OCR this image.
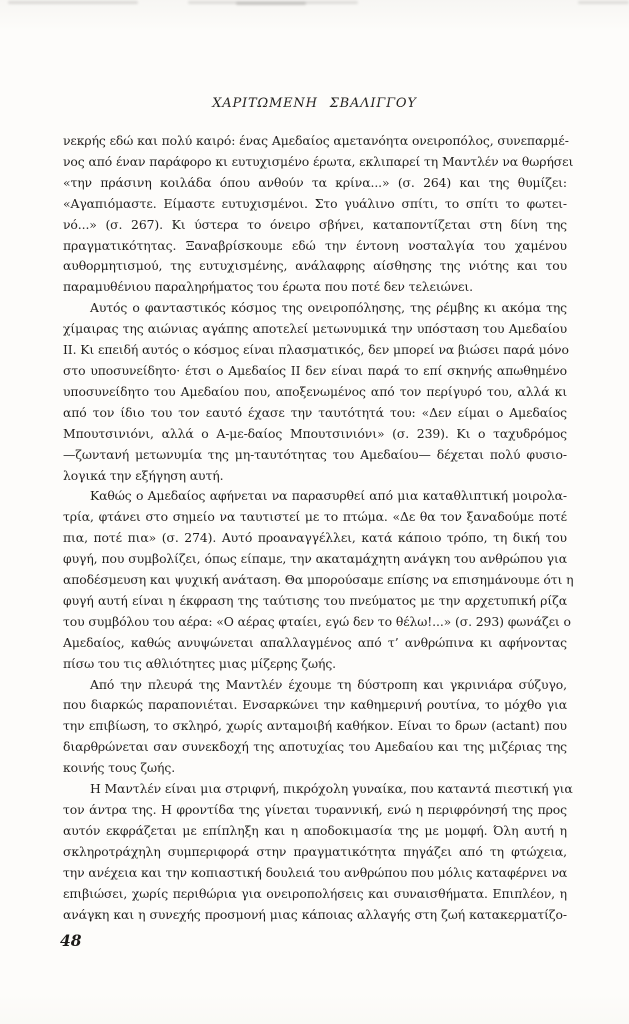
ΧΑΡΙΤΩΜΕΝΗ ΣΒΑΛΙΓΓΟΥ
νεκρής εδώ και πολύ καιρό: ένας Αμεδαίος αμετανόητα ονειροπόλος, συνεπαρμέ-
νος από έναν παράφορο κι ευτυχισμένο έρωτα, εκλιπαρεί τη Μαντλέν να θωρήσει
«την πράσινη κοιλάδα όπου ανθούν τα κρίνα...» (σ. 264) και της θυμίζει:
«Αγαπιόμαστε. Είμαστε ευτυχισμένοι. Στο γυάλινο σπίτι, το σπίτι το φωτει-
νό...» (σ. 267). Κι ύστερα το όνειρο σβήνει, καταποντίζεται στη δίνη της
πραγματικότητας. Ξαναβρίσκουμε εδώ την έντονη νοσταλγία του χαμένου
αυθορμητισμού, της ευτυχισμένης, ανάλαφρης αίσθησης της νιότης και του
παραμυθένιου παραληρήματος του έρωτα που ποτέ δεν τελειώνει.
Αυτός ο φανταστικός κόσμος της ονειροπόλησης, της ρέμβης κι ακόμα της
χίμαιρας της αιώνιας αγάπης αποτελεί μετωνυμικά την υπόσταση του Αμεδαίου
II. Κι επειδή αυτός ο κόσμος είναι πλασματικός, δεν μπορεί να βιώσει παρά μόνο
στο υποσυνείδητο· έτσι ο Αμεδαίος II δεν είναι παρά το επί σκηνής απωθημένο
υποσυνείδητο του Αμεδαίου που, αποξενωμένος από τον περίγυρό του, αλλά κι
από τον ίδιο του τον εαυτό έχασε την ταυτότητά του: «Δεν είμαι ο Αμεδαίος
Μπουτσινιόνι, αλλά ο Α-με-δαίος Μπουτσινιόνι» (σ. 239). Κι ο ταχυδρόμος
—ζωντανή μετωνυμία της μη-ταυτότητας του Αμεδαίου— δέχεται πολύ φυσιο-
λογικά την εξήγηση αυτή.
Καθώς ο Αμεδαίος αφήνεται να παρασυρθεί από μια καταθλιπτική μοιρολα-
τρία, φτάνει στο σημείο να ταυτιστεί με το πτώμα. «Δε θα τον ξαναδούμε ποτέ
πια, ποτέ πια» (σ. 274). Αυτό προαναγγέλλει, κατά κάποιο τρόπο, τη δική του
φυγή, που συμβολίζει, όπως είπαμε, την ακαταμάχητη ανάγκη του ανθρώπου για
αποδέσμευση και ψυχική ανάταση. Θα μπορούσαμε επίσης να επισημάνουμε ότι η
φυγή αυτή είναι η έκφραση της ταύτισης του πνεύματος με την αρχετυπική ρίζα
του συμβόλου του αέρα: «Ο αέρας φταίει, εγώ δεν το θέλω!...» (σ. 293) φωνάζει ο
Αμεδαίος, καθώς ανυψώνεται απαλλαγμένος από τ’ ανθρώπινα κι αφήνοντας
πίσω του τις αθλιότητες μιας μίζερης ζωής.
Από την πλευρά της Μαντλέν έχουμε τη δύστροπη και γκρινιάρα σύζυγο,
που διαρκώς παραπονιέται. Ενσαρκώνει την καθημερινή ρουτίνα, το μόχθο για
την επιβίωση, το σκληρό, χωρίς ανταμοιβή καθήκον. Είναι το δρων (actant) που
διαρθρώνεται σαν συνεκδοχή της αποτυχίας του Αμεδαίου και της μιζέριας της
κοινής τους ζωής.
Η Μαντλέν είναι μια στριφνή, πικρόχολη γυναίκα, που καταντά πιεστική για
τον άντρα της. Η φροντίδα της γίνεται τυραννική, ενώ η περιφρόνησή της προς
αυτόν εκφράζεται με επίπληξη και η αποδοκιμασία της με μομφή. Όλη αυτή η
σκληροτράχηλη συμπεριφορά στην πραγματικότητα πηγάζει από τη φτώχεια,
την ανέχεια και την κοπιαστική δουλειά του ανθρώπου που μόλις καταφέρνει να
επιβιώσει, χωρίς περιθώρια για ονειροπολήσεις και συναισθήματα. Επιπλέον, η
ανάγκη και η συνεχής προσμονή μιας κάποιας αλλαγής στη ζωή κατακερματίζο-
48
